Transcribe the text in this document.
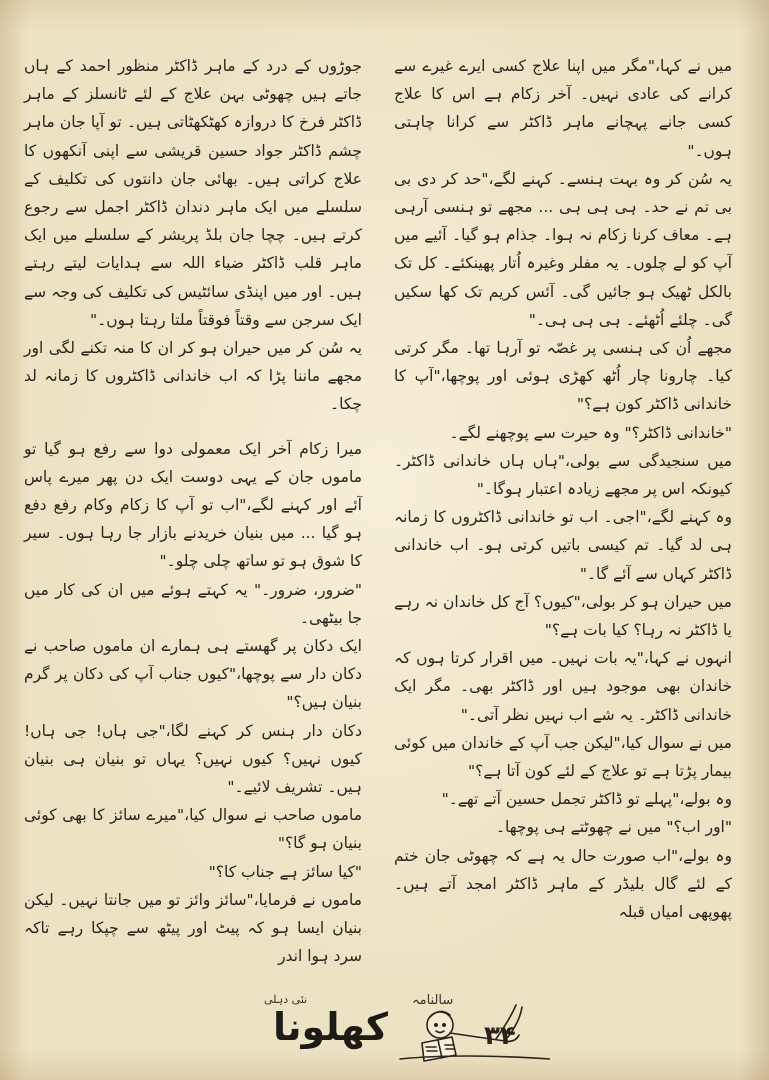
میں نے کہا،"مگر میں اپنا علاج کسی ایرے غیرے سے کرانے کی عادی نہیں۔ آخر زکام ہے اس کا علاج کسی جانے پہچانے ماہر ڈاکٹر سے کرانا چاہتی ہوں۔"

یہ سُن کر وہ بہت ہنسے۔ کہنے لگے،"حد کر دی بی بی تم نے حد۔ ہی ہی ہی ... مجھے تو ہنسی آرہی ہے۔ معاف کرنا زکام نہ ہوا۔ جذام ہو گیا۔ آئیے میں آپ کو لے چلوں۔ یہ مفلر وغیرہ اُتار پھینکئے۔ کل تک بالکل ٹھیک ہو جائیں گی۔ آئس کریم تک کھا سکیں گی۔ چلئے اُٹھئے۔ ہی ہی ہی۔"

مجھے اُن کی ہنسی پر غصّہ تو آرہا تھا۔ مگر کرتی کیا۔ چارونا چار اُٹھ کھڑی ہوئی اور پوچھا،"آپ کا خاندانی ڈاکٹر کون ہے؟"

"خاندانی ڈاکٹر؟" وہ حیرت سے پوچھنے لگے۔

میں سنجیدگی سے بولی،"ہاں ہاں خاندانی ڈاکٹر۔ کیونکہ اس پر مجھے زیادہ اعتبار ہوگا۔"

وہ کہنے لگے،"اجی۔ اب تو خاندانی ڈاکٹروں کا زمانہ ہی لد گیا۔ تم کیسی باتیں کرتی ہو۔ اب خاندانی ڈاکٹر کہاں سے آئے گا۔"

میں حیران ہو کر بولی،"کیوں؟ آج کل خاندان نہ رہے یا ڈاکٹر نہ رہا؟ کیا بات ہے؟"

انہوں نے کہا،"یہ بات نہیں۔ میں اقرار کرتا ہوں کہ خاندان بھی موجود ہیں اور ڈاکٹر بھی۔ مگر ایک خاندانی ڈاکٹر۔ یہ شے اب نہیں نظر آتی۔"

میں نے سوال کیا،"لیکن جب آپ کے خاندان میں کوئی بیمار پڑتا ہے تو علاج کے لئے کون آتا ہے؟"

وہ بولے،"پہلے تو ڈاکٹر تجمل حسین آتے تھے۔"

"اور اب؟" میں نے چھوٹتے ہی پوچھا۔

وہ بولے،"اب صورت حال یہ ہے کہ چھوٹی جان ختم کے لئے گال بلیڈر کے ماہر ڈاکٹر امجد آتے ہیں۔ پھوپھی امیاں قبلہ

جوڑوں کے درد کے ماہر ڈاکٹر منظور احمد کے ہاں جاتے ہیں چھوٹی بہن علاج کے لئے ٹانسلز کے ماہر ڈاکٹر فرخ کا دروازہ کھٹکھٹاتی ہیں۔ تو آپا جان ماہر چشم ڈاکٹر جواد حسین قریشی سے اپنی آنکھوں کا علاج کراتی ہیں۔ بھائی جان دانتوں کی تکلیف کے سلسلے میں ایک ماہر دندان ڈاکٹر اجمل سے رجوع کرتے ہیں۔ چچا جان بلڈ پریشر کے سلسلے میں ایک ماہر قلب ڈاکٹر ضیاء اللہ سے ہدایات لیتے رہتے ہیں۔ اور میں اپنڈی سائٹیس کی تکلیف کی وجہ سے ایک سرجن سے وقتاً فوقتاً ملتا رہتا ہوں۔"

یہ سُن کر میں حیران ہو کر ان کا منہ تکنے لگی اور مجھے ماننا پڑا کہ اب خاندانی ڈاکٹروں کا زمانہ لد چکا۔

میرا زکام آخر ایک معمولی دوا سے رفع ہو گیا تو ماموں جان کے یہی دوست ایک دن پھر میرے پاس آئے اور کہنے لگے،"اب تو آپ کا زکام وکام رفع دفع ہو گیا ... میں بنیان خریدنے بازار جا رہا ہوں۔ سیر کا شوق ہو تو ساتھ چلی چلو۔"

"ضرور، ضرور۔" یہ کہتے ہوئے میں ان کی کار میں جا بیٹھی۔

ایک دکان پر گھستے ہی ہمارے ان ماموں صاحب نے دکان دار سے پوچھا،"کیوں جناب آپ کی دکان پر گرم بنیان ہیں؟"

دکان دار ہنس کر کہنے لگا،"جی ہاں! جی ہاں! کیوں نہیں؟ کیوں نہیں؟ یہاں تو بنیان ہی بنیان ہیں۔ تشریف لائیے۔"

ماموں صاحب نے سوال کیا،"میرے سائز کا بھی کوئی بنیان ہو گا؟"

"کیا سائز ہے جناب کا؟"

ماموں نے فرمایا،"سائز وائز تو میں جانتا نہیں۔ لیکن بنیان ایسا ہو کہ پیٹ اور پیٹھ سے چپکا رہے تاکہ سرد ہوا اندر

نئی دہلی
کھلونا
سالنامہ
۳۴
